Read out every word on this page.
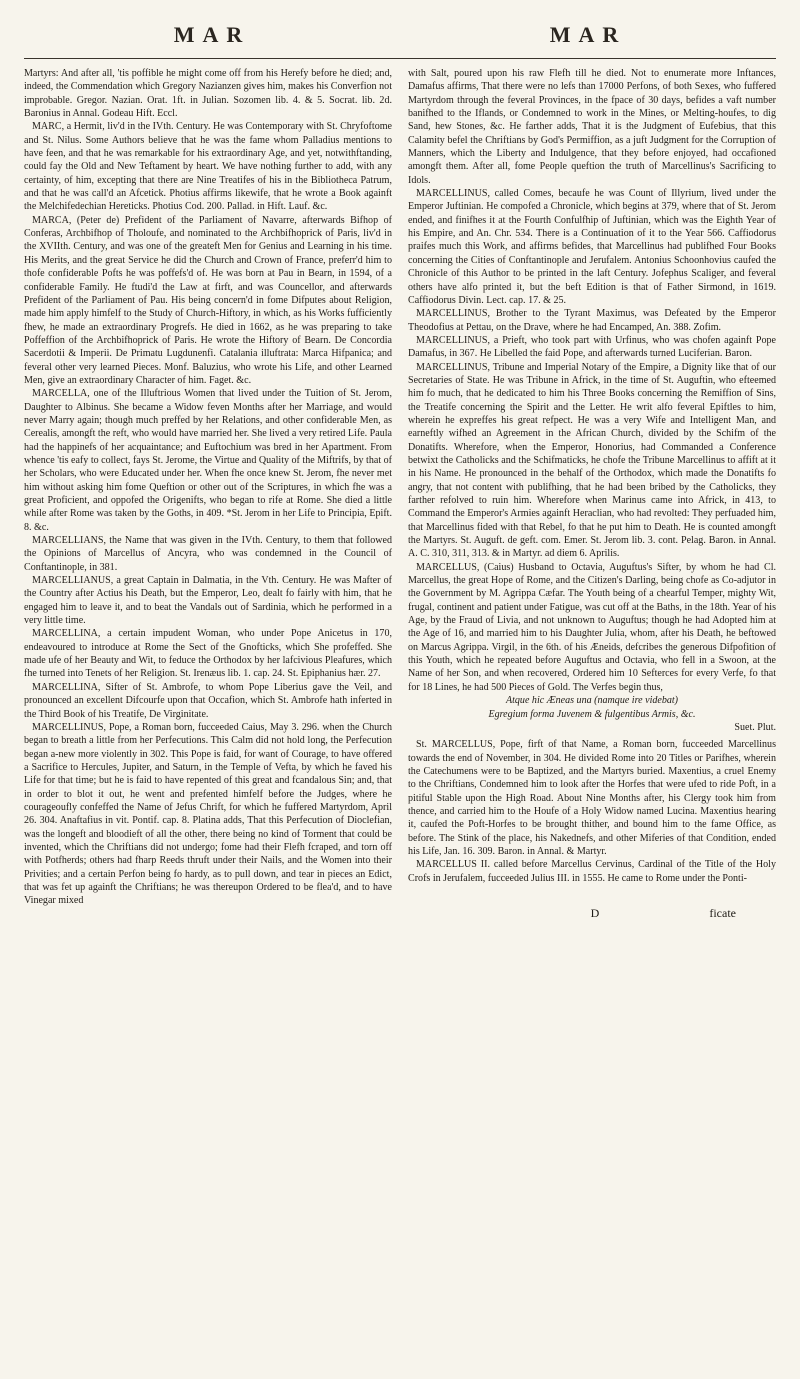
MAR	MAR

Martyrs: And after all, 'tis poffible he might come off from his Herefy before he died; and, indeed, the Commendation which Gregory Nazianzen gives him, makes his Converfion not improbable. Gregor. Nazian. Orat. 1ft. in Julian. Sozomen lib. 4. & 5. Socrat. lib. 2d. Baronius in Annal. Godeau Hift. Eccl.

MARC, a Hermit, liv'd in the IVth. Century. He was Contemporary with St. Chryfoftome and St. Nilus. Some Authors believe that he was the fame whom Palladius mentions to have feen, and that he was remarkable for his extraordinary Age, and yet, notwithftanding, could fay the Old and New Teftament by heart. We have nothing further to add, with any certainty, of him, excepting that there are Nine Treatifes of his in the Bibliotheca Patrum, and that he was call'd an Afcetick. Photius affirms likewife, that he wrote a Book againft the Melchifedechian Hereticks. Photius Cod. 200. Pallad. in Hift. Lauf. &c.

MARCA, (Peter de) Prefident of the Parliament of Navarre, afterwards Bifhop of Conferas, Archbifhop of Tholoufe, and nominated to the Archbifhoprick of Paris, liv'd in the XVIIth. Century, and was one of the greateft Men for Genius and Learning in his time. His Merits, and the great Service he did the Church and Crown of France, preferr'd him to thofe confiderable Pofts he was poffefs'd of. He was born at Pau in Bearn, in 1594, of a confiderable Family. He ftudi'd the Law at firft, and was Councellor, and afterwards Prefident of the Parliament of Pau. His being concern'd in fome Difputes about Religion, made him apply himfelf to the Study of Church-Hiftory, in which, as his Works fufficiently fhew, he made an extraordinary Progrefs. He died in 1662, as he was preparing to take Poffeffion of the Archbifhoprick of Paris. He wrote the Hiftory of Bearn. De Concordia Sacerdotii & Imperii. De Primatu Lugdunenfi. Catalania illuftrata: Marca Hifpanica; and feveral other very learned Pieces. Monf. Baluzius, who wrote his Life, and other Learned Men, give an extraordinary Character of him. Faget. &c.

MARCELLA, one of the Illuftrious Women that lived under the Tuition of St. Jerom, Daughter to Albinus. She became a Widow feven Months after her Marriage, and would never Marry again; though much preffed by her Relations, and other confiderable Men, as Cerealis, amongft the reft, who would have married her. She lived a very retired Life. Paula had the happinefs of her acquaintance; and Euftochium was bred in her Apartment. From whence 'tis eafy to collect, fays St. Jerome, the Virtue and Quality of the Miftrifs, by that of her Scholars, who were Educated under her. When fhe once knew St. Jerom, fhe never met him without asking him fome Queftion or other out of the Scriptures, in which fhe was a great Proficient, and oppofed the Origenifts, who began to rife at Rome. She died a little while after Rome was taken by the Goths, in 409. *St. Jerom in her Life to Principia, Epift. 8. &c.

MARCELLIANS, the Name that was given in the IVth. Century, to them that followed the Opinions of Marcellus of Ancyra, who was condemned in the Council of Conftantinople, in 381.

MARCELLIANUS, a great Captain in Dalmatia, in the Vth. Century. He was Mafter of the Country after Actius his Death, but the Emperor, Leo, dealt fo fairly with him, that he engaged him to leave it, and to beat the Vandals out of Sardinia, which he performed in a very little time.

MARCELLINA, a certain impudent Woman, who under Pope Anicetus in 170, endeavoured to introduce at Rome the Sect of the Gnofticks, which She profeffed. She made ufe of her Beauty and Wit, to feduce the Orthodox by her lafcivious Pleafures, which fhe turned into Tenets of her Religion. St. Irenæus lib. 1. cap. 24. St. Epiphanius hær. 27.

MARCELLINA, Sifter of St. Ambrofe, to whom Pope Liberius gave the Veil, and pronounced an excellent Difcourfe upon that Occafion, which St. Ambrofe hath inferted in the Third Book of his Treatife, De Virginitate.

MARCELLINUS, Pope, a Roman born, fucceeded Caius, May 3. 296. when the Church began to breath a little from her Perfecutions. This Calm did not hold long, the Perfecution began a-new more violently in 302. This Pope is faid, for want of Courage, to have offered a Sacrifice to Hercules, Jupiter, and Saturn, in the Temple of Vefta, by which he faved his Life for that time; but he is faid to have repented of this great and fcandalous Sin; and, that in order to blot it out, he went and prefented himfelf before the Judges, where he courageoufly confeffed the Name of Jefus Chrift, for which he fuffered Martyrdom, April 26. 304. Anaftafius in vit. Pontif. cap. 8. Platina adds, That this Perfecution of Dioclefian, was the longeft and bloodieft of all the other, there being no kind of Torment that could be invented, which the Chriftians did not undergo; fome had their Flefh fcraped, and torn off with Potfherds; others had fharp Reeds thruft under their Nails, and the Women into their Privities; and a certain Perfon being fo hardy, as to pull down, and tear in pieces an Edict, that was fet up againft the Chriftians; he was thereupon Ordered to be flea'd, and to have Vinegar mixed

with Salt, poured upon his raw Flefh till he died. Not to enumerate more Inftances, Damafus affirms, That there were no lefs than 17000 Perfons, of both Sexes, who fuffered Martyrdom through the feveral Provinces, in the fpace of 30 days, befides a vaft number banifhed to the Iflands, or Condemned to work in the Mines, or Melting-houfes, to dig Sand, hew Stones, &c. He farther adds, That it is the Judgment of Eufebius, that this Calamity befel the Chriftians by God's Permiffion, as a juft Judgment for the Corruption of Manners, which the Liberty and Indulgence, that they before enjoyed, had occafioned amongft them. After all, fome People queftion the truth of Marcellinus's Sacrificing to Idols.

MARCELLINUS, called Comes, becaufe he was Count of Illyrium, lived under the Emperor Juftinian. He compofed a Chronicle, which begins at 379, where that of St. Jerom ended, and finifhes it at the Fourth Confulfhip of Juftinian, which was the Eighth Year of his Empire, and An. Chr. 534. There is a Continuation of it to the Year 566. Caffiodorus praifes much this Work, and affirms befides, that Marcellinus had publifhed Four Books concerning the Cities of Conftantinople and Jerufalem. Antonius Schoonhovius caufed the Chronicle of this Author to be printed in the laft Century. Jofephus Scaliger, and feveral others have alfo printed it, but the beft Edition is that of Father Sirmond, in 1619. Caffiodorus Divin. Lect. cap. 17. & 25.

MARCELLINUS, Brother to the Tyrant Maximus, was Defeated by the Emperor Theodofius at Pettau, on the Drave, where he had Encamped, An. 388. Zofim.

MARCELLINUS, a Prieft, who took part with Urfinus, who was chofen againft Pope Damafus, in 367. He Libelled the faid Pope, and afterwards turned Luciferian. Baron.

MARCELLINUS, Tribune and Imperial Notary of the Empire, a Dignity like that of our Secretaries of State. He was Tribune in Africk, in the time of St. Auguftin, who efteemed him fo much, that he dedicated to him his Three Books concerning the Remiffion of Sins, the Treatife concerning the Spirit and the Letter. He writ alfo feveral Epiftles to him, wherein he expreffes his great refpect. He was a very Wife and Intelligent Man, and earneftly wifhed an Agreement in the African Church, divided by the Schifm of the Donatifts. Wherefore, when the Emperor, Honorius, had Commanded a Conference betwixt the Catholicks and the Schifmaticks, he chofe the Tribune Marcellinus to affift at it in his Name. He pronounced in the behalf of the Orthodox, which made the Donatifts fo angry, that not content with publifhing, that he had been bribed by the Catholicks, they farther refolved to ruin him. Wherefore when Marinus came into Africk, in 413, to Command the Emperor's Armies againft Heraclian, who had revolted: They perfuaded him, that Marcellinus fided with that Rebel, fo that he put him to Death. He is counted amongft the Martyrs. St. Auguft. de geft. com. Emer. St. Jerom lib. 3. cont. Pelag. Baron. in Annal. A. C. 310, 311, 313. & in Martyr. ad diem 6. Aprilis.

MARCELLUS, (Caius) Husband to Octavia, Auguftus's Sifter, by whom he had Cl. Marcellus, the great Hope of Rome, and the Citizen's Darling, being chofe as Co-adjutor in the Government by M. Agrippa Cæfar. The Youth being of a chearful Temper, mighty Wit, frugal, continent and patient under Fatigue, was cut off at the Baths, in the 18th. Year of his Age, by the Fraud of Livia, and not unknown to Auguftus; though he had Adopted him at the Age of 16, and married him to his Daughter Julia, whom, after his Death, he beftowed on Marcus Agrippa. Virgil, in the 6th. of his Æneids, defcribes the generous Difpofition of this Youth, which he repeated before Auguftus and Octavia, who fell in a Swoon, at the Name of her Son, and when recovered, Ordered him 10 Sefterces for every Verfe, fo that for 18 Lines, he had 500 Pieces of Gold. The Verfes begin thus,

Atque hic Æneas una (namque ire videbat)

Egregium forma Juvenem & fulgentibus Armis, &c.

Suet. Plut.

St. MARCELLUS, Pope, firft of that Name, a Roman born, fucceeded Marcellinus towards the end of November, in 304. He divided Rome into 20 Titles or Parifhes, wherein the Catechumens were to be Baptized, and the Martyrs buried. Maxentius, a cruel Enemy to the Chriftians, Condemned him to look after the Horfes that were ufed to ride Poft, in a pitiful Stable upon the High Road. About Nine Months after, his Clergy took him from thence, and carried him to the Houfe of a Holy Widow named Lucina. Maxentius hearing it, caufed the Poft-Horfes to be brought thither, and bound him to the fame Office, as before. The Stink of the place, his Nakednefs, and other Miferies of that Condition, ended his Life, Jan. 16. 309. Baron. in Annal. & Martyr.

MARCELLUS II. called before Marcellus Cervinus, Cardinal of the Title of the Holy Crofs in Jerufalem, fucceeded Julius III. in 1555. He came to Rome under the Ponti-

D	ficate
